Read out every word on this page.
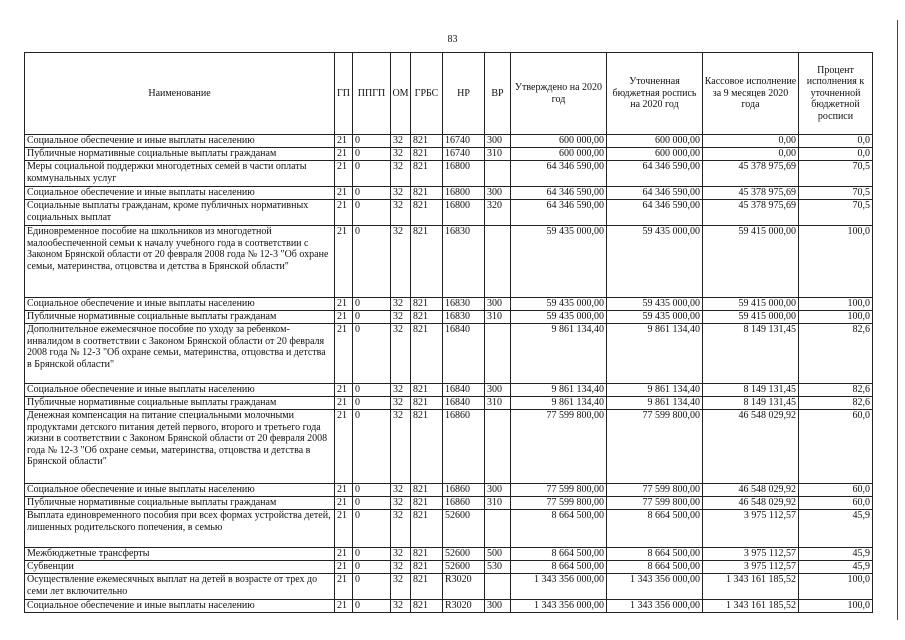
83
Наименование	ГП	ППГП	ОМ	ГРБС	НР	ВР	Утверждено на 2020 год	Уточненная бюджетная роспись на 2020 год	Кассовое исполнение за 9 месяцев 2020 года	Процент исполнения к уточненной бюджетной росписи
Социальное обеспечение и иные выплаты населению	21	0	32	821	16740	300	600 000,00	600 000,00	0,00	0,0
Публичные нормативные социальные выплаты гражданам	21	0	32	821	16740	310	600 000,00	600 000,00	0,00	0,0
Меры социальной поддержки многодетных семей в части оплаты коммунальных услуг	21	0	32	821	16800		64 346 590,00	64 346 590,00	45 378 975,69	70,5
Социальное обеспечение и иные выплаты населению	21	0	32	821	16800	300	64 346 590,00	64 346 590,00	45 378 975,69	70,5
Социальные выплаты гражданам, кроме публичных нормативных социальных выплат	21	0	32	821	16800	320	64 346 590,00	64 346 590,00	45 378 975,69	70,5
Единовременное пособие на школьников из многодетной малообеспеченной семьи к началу учебного года в соответствии с Законом Брянской области от 20 февраля 2008 года № 12-3 "Об охране семьи, материнства, отцовства и детства в Брянской области"	21	0	32	821	16830		59 435 000,00	59 435 000,00	59 415 000,00	100,0
Социальное обеспечение и иные выплаты населению	21	0	32	821	16830	300	59 435 000,00	59 435 000,00	59 415 000,00	100,0
Публичные нормативные социальные выплаты гражданам	21	0	32	821	16830	310	59 435 000,00	59 435 000,00	59 415 000,00	100,0
Дополнительное ежемесячное пособие по уходу за ребенком-инвалидом в соответствии с Законом Брянской области от 20 февраля 2008 года № 12-3 "Об охране семьи, материнства, отцовства и детства в Брянской области"	21	0	32	821	16840		9 861 134,40	9 861 134,40	8 149 131,45	82,6
Социальное обеспечение и иные выплаты населению	21	0	32	821	16840	300	9 861 134,40	9 861 134,40	8 149 131,45	82,6
Публичные нормативные социальные выплаты гражданам	21	0	32	821	16840	310	9 861 134,40	9 861 134,40	8 149 131,45	82,6
Денежная компенсация на питание специальными молочными продуктами детского питания детей первого, второго и третьего года жизни в соответствии с Законом Брянской области от 20 февраля 2008 года № 12-3 "Об охране семьи, материнства, отцовства и детства в Брянской области"	21	0	32	821	16860		77 599 800,00	77 599 800,00	46 548 029,92	60,0
Социальное обеспечение и иные выплаты населению	21	0	32	821	16860	300	77 599 800,00	77 599 800,00	46 548 029,92	60,0
Публичные нормативные социальные выплаты гражданам	21	0	32	821	16860	310	77 599 800,00	77 599 800,00	46 548 029,92	60,0
Выплата единовременного пособия при всех формах устройства детей, лишенных родительского попечения, в семью	21	0	32	821	52600		8 664 500,00	8 664 500,00	3 975 112,57	45,9
Межбюджетные трансферты	21	0	32	821	52600	500	8 664 500,00	8 664 500,00	3 975 112,57	45,9
Субвенции	21	0	32	821	52600	530	8 664 500,00	8 664 500,00	3 975 112,57	45,9
Осуществление ежемесячных выплат на детей в возрасте от трех до семи лет включительно	21	0	32	821	R3020		1 343 356 000,00	1 343 356 000,00	1 343 161 185,52	100,0
Социальное обеспечение и иные выплаты населению	21	0	32	821	R3020	300	1 343 356 000,00	1 343 356 000,00	1 343 161 185,52	100,0
